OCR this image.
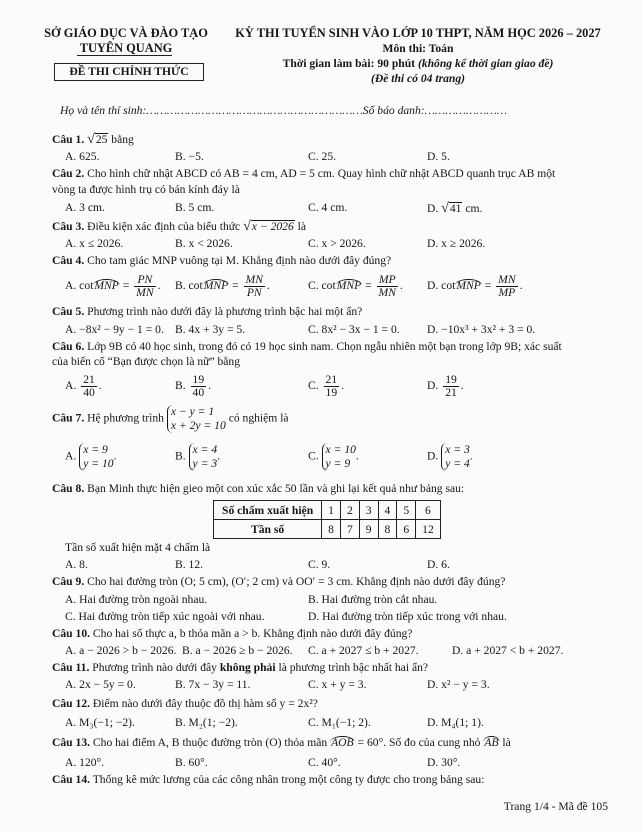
SỞ GIÁO DỤC VÀ ĐÀO TẠO
TUYÊN QUANG
ĐỀ THI CHÍNH THỨC
KỲ THI TUYỂN SINH VÀO LỚP 10 THPT, NĂM HỌC 2026 – 2027
Môn thi: Toán
Thời gian làm bài: 90 phút (không kể thời gian giao đề)
(Đề thi có 04 trang)
Họ và tên thí sinh:………………………………………………………Số báo danh:……………………
Câu 1. √25 bằng
A. 625.	B. −5.	C. 25.	D. 5.
Câu 2. Cho hình chữ nhật ABCD có AB = 4 cm, AD = 5 cm. Quay hình chữ nhật ABCD quanh trục AB một
vòng ta được hình trụ có bán kính đáy là
A. 3 cm.	B. 5 cm.	C. 4 cm.	D. √41 cm.
Câu 3. Điều kiện xác định của biểu thức √x − 2026 là
A. x ≤ 2026.	B. x < 2026.	C. x > 2026.	D. x ≥ 2026.
Câu 4. Cho tam giác MNP vuông tại M. Khẳng định nào dưới đây đúng?
A. cotMNP = $\frac{PN}{MN}$ . B. cotMNP = $\frac{MN}{PN}$ .	C. cotMNP = $\frac{MP}{MN}$ . D. cotMNP = $\frac{MN}{MP}$ .
Câu 5. Phương trình nào dưới đây là phương trình bậc hai một ẩn?
A. −8x² − 9y − 1 = 0. B. 4x + 3y = 5.	C. 8x² − 3x − 1 = 0. D. −10x³ + 3x² + 3 = 0.
Câu 6. Lớp 9B có 40 học sinh, trong đó có 19 học sinh nam. Chọn ngẫu nhiên một bạn trong lớp 9B; xác suất
của biến cố “Bạn được chọn là nữ” bằng
A. $\frac{21}{40}$ .	B. $\frac{19}{40}$ .	C. $\frac{21}{19}$ .	D. $\frac{19}{21}$ .
Câu 7. Hệ phương trình
x − y = 1
x + 2y = 10
có nghiệm là
A.
x = 9
y = 10
.	B.
x = 4
y = 3
.	C.
x = 10
y = 9
.	D.
x = 3
y = 4
.
Câu 8. Bạn Minh thực hiện gieo một con xúc xắc 50 lần và ghi lại kết quả như bảng sau:
Số chấm xuất hiện	1	2	3	4	5	6
Tần số	8	7	9	8	6	12
Tần số xuất hiện mặt 4 chấm là
A. 8.	B. 12.	C. 9.	D. 6.
Câu 9. Cho hai đường tròn (O; 5 cm), (O′; 2 cm) và OO′ = 3 cm. Khẳng định nào dưới đây đúng?
A. Hai đường tròn ngoài nhau.	B. Hai đường tròn cắt nhau.
C. Hai đường tròn tiếp xúc ngoài với nhau.	D. Hai đường tròn tiếp xúc trong với nhau.
Câu 10. Cho hai số thực a, b thỏa mãn a > b. Khẳng định nào dưới đây đúng?
A. a − 2026 > b − 2026. B. a − 2026 ≥ b − 2026. C. a + 2027 ≤ b + 2027.	D. a + 2027 < b + 2027.
Câu 11. Phương trình nào dưới đây không phải là phương trình bậc nhất hai ẩn?
A. 2x − 5y = 0.	B. 7x − 3y = 11.	C. x + y = 3.	D. x² − y = 3.
Câu 12. Điểm nào dưới đây thuộc đồ thị hàm số y = 2x²?
A. M₃(−1; −2).	B. M₂(1; −2).	C. M₁(−1; 2).	D. M₄(1; 1).
Câu 13. Cho hai điểm A, B thuộc đường tròn (O) thỏa mãn AOB = 60°. Số đo của cung nhỏ AB là
A. 120°.	B. 60°.	C. 40°.	D. 30°.
Câu 14. Thống kê mức lương của các công nhân trong một công ty được cho trong bảng sau:
Trang 1/4 - Mã đề 105
